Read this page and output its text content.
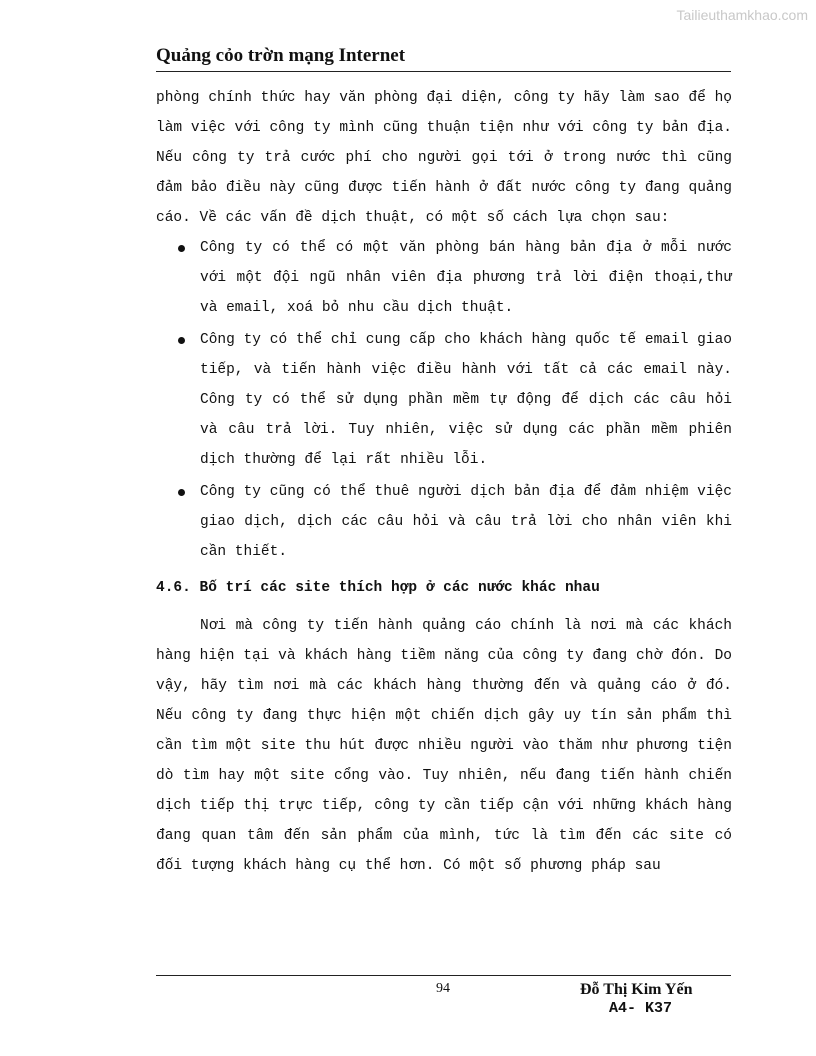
Tailieuthamkhao.com
Quảng cỏo trờn mạng Internet

phòng chính thức hay văn phòng đại diện, công ty hãy làm sao để họ làm việc với công ty mình cũng thuận tiện như với công ty bản địa. Nếu công ty trả cước phí cho người gọi tới ở trong nước thì cũng đảm bảo điều này cũng được tiến hành ở đất nước công ty đang quảng cáo. Về các vấn đề dịch thuật, có một số cách lựa chọn sau:

Công ty có thể có một văn phòng bán hàng bản địa ở mỗi nước với một đội ngũ nhân viên địa phương trả lời điện thoại,thư và email, xoá bỏ nhu cầu dịch thuật.
Công ty có thể chỉ cung cấp cho khách hàng quốc tế email giao tiếp, và tiến hành việc điều hành với tất cả các email này. Công ty có thể sử dụng phần mềm tự động để dịch các câu hỏi và câu trả lời. Tuy nhiên, việc sử dụng các phần mềm phiên dịch thường để lại rất nhiều lỗi.
Công ty cũng có thể thuê người dịch bản địa để đảm nhiệm việc giao dịch, dịch các câu hỏi và câu trả lời cho nhân viên khi cần thiết.
4.6. Bố trí các site thích hợp ở các nước khác nhau

Nơi mà công ty tiến hành quảng cáo chính là nơi mà các khách hàng hiện tại và khách hàng tiềm năng của công ty đang chờ đón. Do vậy, hãy tìm nơi mà các khách hàng thường đến và quảng cáo ở đó. Nếu công ty đang thực hiện một chiến dịch gây uy tín sản phẩm thì cần tìm một site thu hút được nhiều người vào thăm như phương tiện dò tìm hay một site cổng vào. Tuy nhiên, nếu đang tiến hành chiến dịch tiếp thị trực tiếp, công ty cần tiếp cận với những khách hàng đang quan tâm đến sản phẩm của mình, tức là tìm đến các site có đối tượng khách hàng cụ thể hơn. Có một số phương pháp sau

94	Đỗ Thị Kim Yến
A4- K37
